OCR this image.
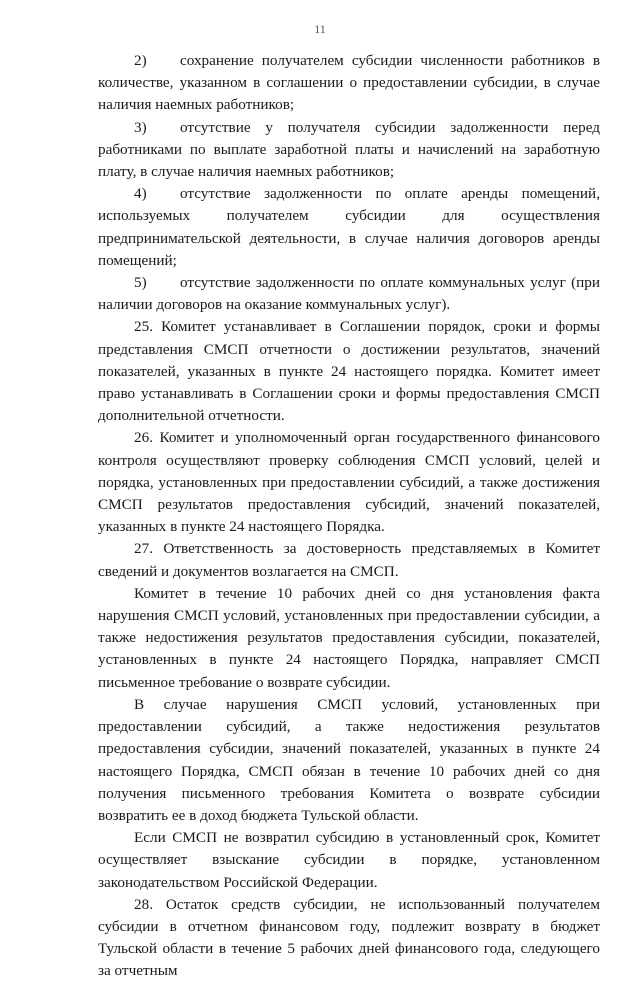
11

2) сохранение получателем субсидии численности работников в количестве, указанном в соглашении о предоставлении субсидии, в случае наличия наемных работников;

3) отсутствие у получателя субсидии задолженности перед работниками по выплате заработной платы и начислений на заработную плату, в случае наличия наемных работников;

4) отсутствие задолженности по оплате аренды помещений, используемых получателем субсидии для осуществления предпринимательской деятельности, в случае наличия договоров аренды помещений;

5) отсутствие задолженности по оплате коммунальных услуг (при наличии договоров на оказание коммунальных услуг).

25. Комитет устанавливает в Соглашении порядок, сроки и формы представления СМСП отчетности о достижении результатов, значений показателей, указанных в пункте 24 настоящего порядка. Комитет имеет право устанавливать в Соглашении сроки и формы предоставления СМСП дополнительной отчетности.

26. Комитет и уполномоченный орган государственного финансового контроля осуществляют проверку соблюдения СМСП условий, целей и порядка, установленных при предоставлении субсидий, а также достижения СМСП результатов предоставления субсидий, значений показателей, указанных в пункте 24 настоящего Порядка.

27. Ответственность за достоверность представляемых в Комитет сведений и документов возлагается на СМСП.

Комитет в течение 10 рабочих дней со дня установления факта нарушения СМСП условий, установленных при предоставлении субсидии, а также недостижения результатов предоставления субсидии, показателей, установленных в пункте 24 настоящего Порядка, направляет СМСП письменное требование о возврате субсидии.

В случае нарушения СМСП условий, установленных при предоставлении субсидий, а также недостижения результатов предоставления субсидии, значений показателей, указанных в пункте 24 настоящего Порядка, СМСП обязан в течение 10 рабочих дней со дня получения письменного требования Комитета о возврате субсидии возвратить ее в доход бюджета Тульской области.

Если СМСП не возвратил субсидию в установленный срок, Комитет осуществляет взыскание субсидии в порядке, установленном законодательством Российской Федерации.

28. Остаток средств субсидии, не использованный получателем субсидии в отчетном финансовом году, подлежит возврату в бюджет Тульской области в течение 5 рабочих дней финансового года, следующего за отчетным
